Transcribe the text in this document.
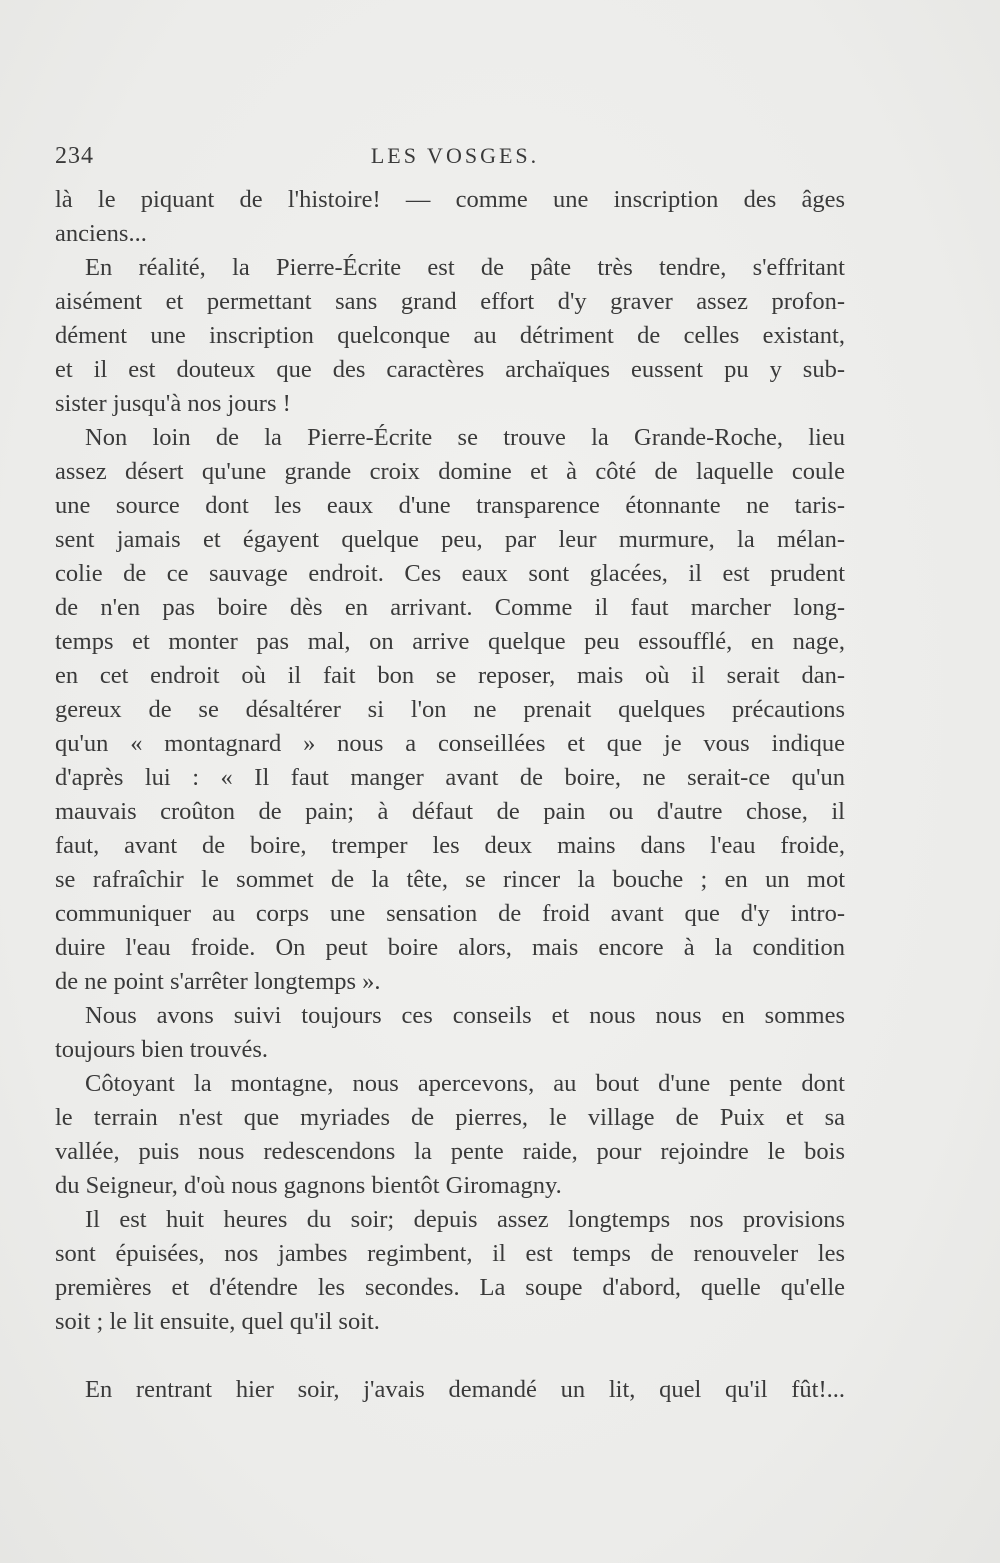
234	LES VOSGES.
là le piquant de l'histoire! — comme une inscription des âges
anciens...
En réalité, la Pierre-Écrite est de pâte très tendre, s'effritant
aisément et permettant sans grand effort d'y graver assez profon-
dément une inscription quelconque au détriment de celles existant,
et il est douteux que des caractères archaïques eussent pu y sub-
sister jusqu'à nos jours !
Non loin de la Pierre-Écrite se trouve la Grande-Roche, lieu
assez désert qu'une grande croix domine et à côté de laquelle coule
une source dont les eaux d'une transparence étonnante ne taris-
sent jamais et égayent quelque peu, par leur murmure, la mélan-
colie de ce sauvage endroit. Ces eaux sont glacées, il est prudent
de n'en pas boire dès en arrivant. Comme il faut marcher long-
temps et monter pas mal, on arrive quelque peu essoufflé, en nage,
en cet endroit où il fait bon se reposer, mais où il serait dan-
gereux de se désaltérer si l'on ne prenait quelques précautions
qu'un « montagnard » nous a conseillées et que je vous indique
d'après lui : « Il faut manger avant de boire, ne serait-ce qu'un
mauvais croûton de pain; à défaut de pain ou d'autre chose, il
faut, avant de boire, tremper les deux mains dans l'eau froide,
se rafraîchir le sommet de la tête, se rincer la bouche ; en un mot
communiquer au corps une sensation de froid avant que d'y intro-
duire l'eau froide. On peut boire alors, mais encore à la condition
de ne point s'arrêter longtemps ».
Nous avons suivi toujours ces conseils et nous nous en sommes
toujours bien trouvés.
Côtoyant la montagne, nous apercevons, au bout d'une pente dont
le terrain n'est que myriades de pierres, le village de Puix et sa
vallée, puis nous redescendons la pente raide, pour rejoindre le bois
du Seigneur, d'où nous gagnons bientôt Giromagny.
Il est huit heures du soir; depuis assez longtemps nos provisions
sont épuisées, nos jambes regimbent, il est temps de renouveler les
premières et d'étendre les secondes. La soupe d'abord, quelle qu'elle
soit ; le lit ensuite, quel qu'il soit.
En rentrant hier soir, j'avais demandé un lit, quel qu'il fût!...
